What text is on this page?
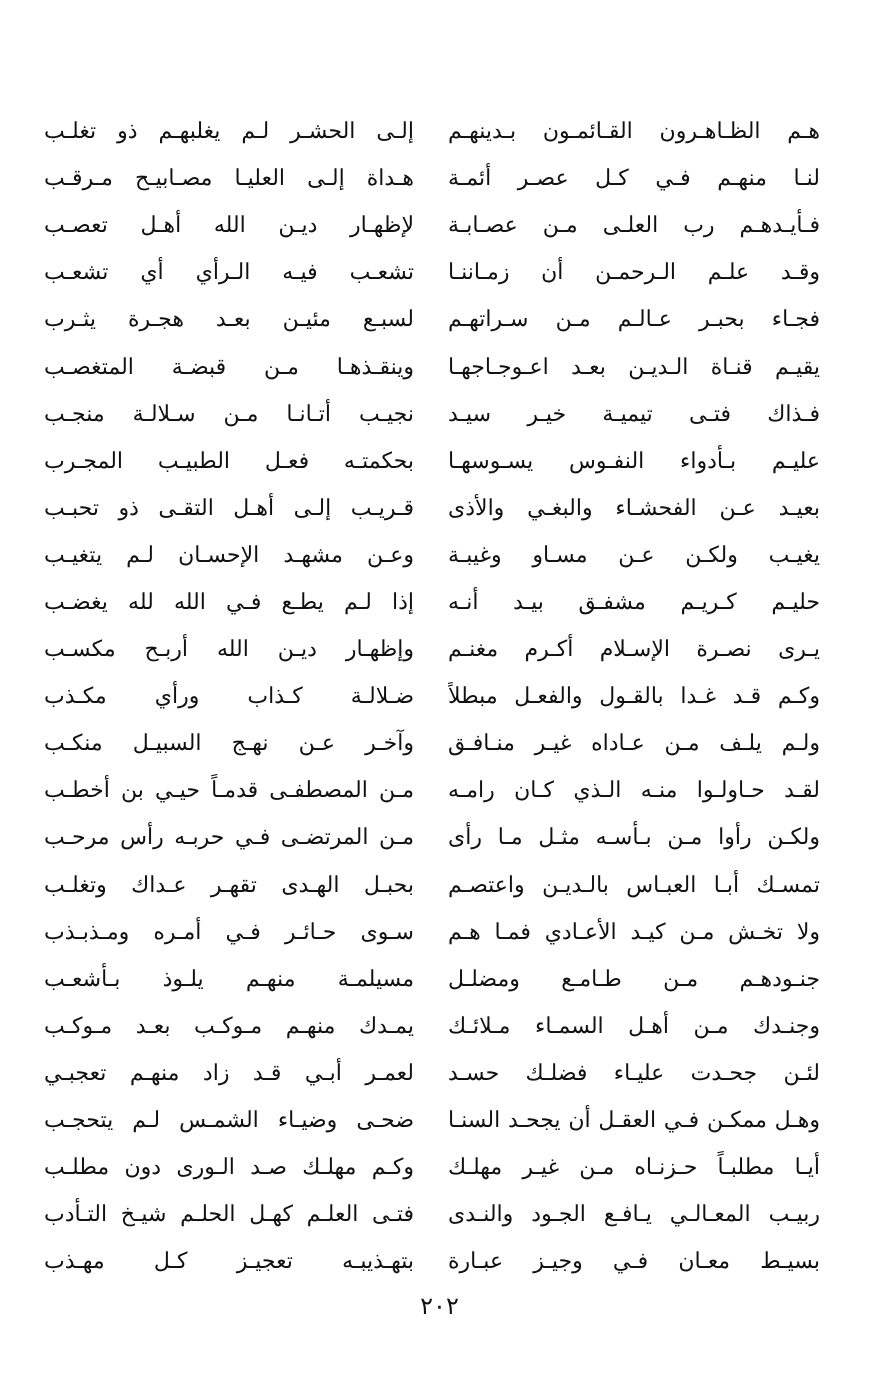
هـم الظـاهـرون القـائمـون بـدينهـم
إلـى الحشـر لـم يغلبهـم ذو تغلـب
لنـا منهـم فـي كـل عصـر أئمـة
هـداة إلـى العليـا مصـابيـح مـرقـب
فـأيـدهـم رب العلـى مـن عصـابـة
لإظهـار ديـن الله أهـل تعصـب
وقـد علـم الـرحمـن أن زمـاننـا
تشعـب فيـه الـرأي أي تشعـب
فجـاء بحبـر عـالـم مـن سـراتهـم
لسبـع مئيـن بعـد هجـرة يثـرب
يقيـم قنـاة الـديـن بعـد اعـوجـاجهـا
وينقـذهـا مـن قبضـة المتغصـب
فـذاك فتـى تيميـة خيـر سيـد
نجيـب أتـانـا مـن سـلالـة منجـب
عليـم بـأدواء النفـوس يسـوسهـا
بحكمتـه فعـل الطبيـب المجـرب
بعيـد عـن الفحشـاء والبغـي والأذى
قـريـب إلـى أهـل التقـى ذو تحبـب
يغيـب ولكـن عـن مسـاو وغيبـة
وعـن مشهـد الإحسـان لـم يتغيـب
حليـم كـريـم مشفـق بيـد أنـه
إذا لـم يطـع فـي الله لله يغضـب
يـرى نصـرة الإسـلام أكـرم مغنـم
وإظهـار ديـن الله أربـح مكسـب
وكـم قـد غـدا بالقـول والفعـل مبطلاً
ضـلالـة كـذاب ورأي مكـذب
ولـم يلـف مـن عـاداه غيـر منـافـق
وآخـر عـن نهـج السبيـل منكـب
لقـد حـاولـوا منـه الـذي كـان رامـه
مـن المصطفـى قدمـاً حيـي بن أخطـب
ولكـن رأوا مـن بـأسـه مثـل مـا رأى
مـن المرتضـى فـي حربـه رأس مرحـب
تمسـك أبـا العبـاس بالـديـن واعتصـم
بحبـل الهـدى تقهـر عـداك وتغلـب
ولا تخـش مـن كيـد الأعـادي فمـا هـم
سـوى حـائـر فـي أمـره ومـذبـذب
جنـودهـم مـن طـامـع ومضلـل
مسيلمـة منهـم يلـوذ بـأشعـب
وجنـدك مـن أهـل السمـاء مـلائـك
يمـدك منهـم مـوكـب بعـد مـوكـب
لئـن جحـدت عليـاء فضلـك حسـد
لعمـر أبـي قـد زاد منهـم تعجبـي
وهـل ممكـن فـي العقـل أن يجحـد السنـا
ضحـى وضيـاء الشمـس لـم يتحجـب
أيـا مطلبـاً حـزنـاه مـن غيـر مهلـك
وكـم مهلـك صـد الـورى دون مطلـب
ربيـب المعـالـي يـافـع الجـود والنـدى
فتـى العلـم كهـل الحلـم شيـخ التـأدب
بسيـط معـان فـي وجيـز عبـارة
بتهـذيبـه تعجيـز كـل مهـذب
٢٠٢
